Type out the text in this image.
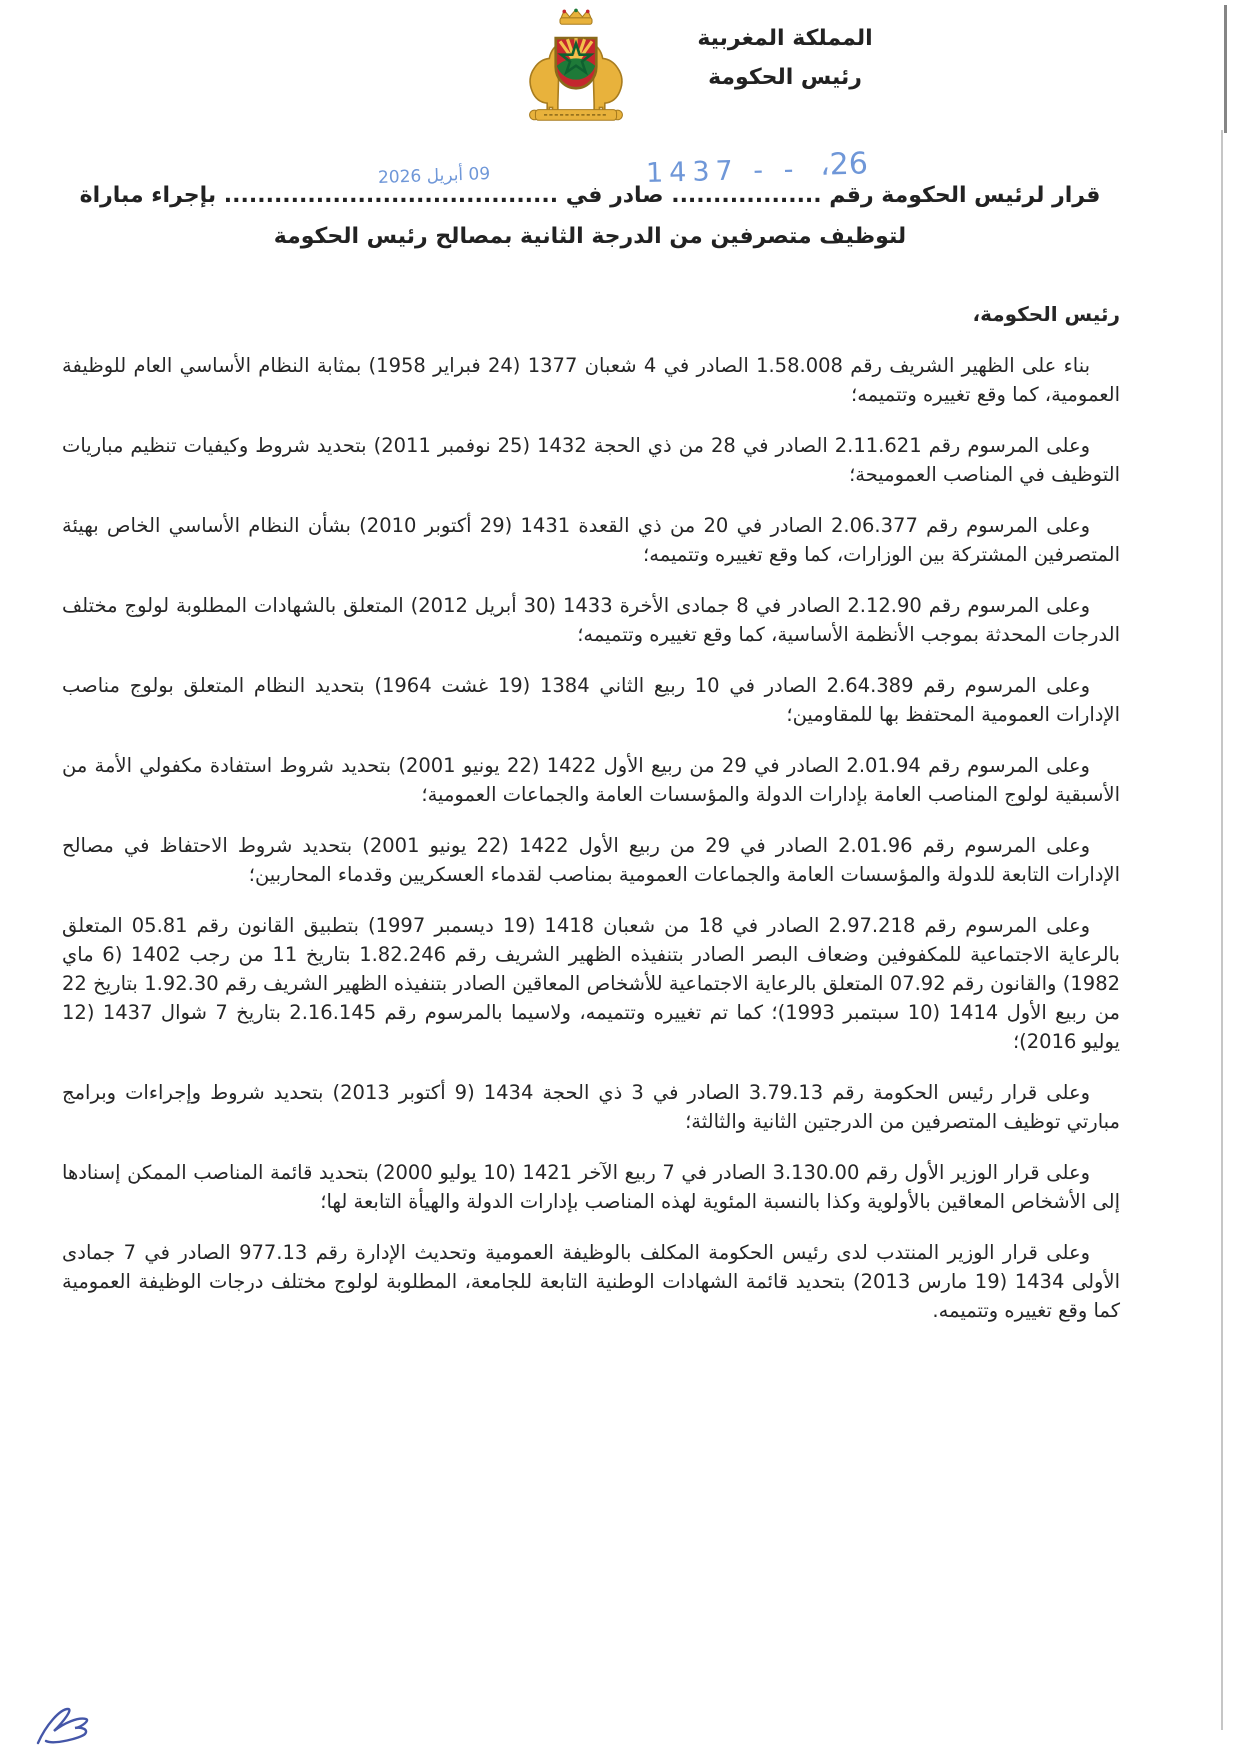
المملكة المغربية
رئيس الحكومة
1437 - - ،26
09 أبريل 2026
قرار لرئيس الحكومة رقم .................. صادر في ........................................ بإجراء مباراة
لتوظيف متصرفين من الدرجة الثانية بمصالح رئيس الحكومة

رئيس الحكومة،

بناء على الظهير الشريف رقم 1.58.008 الصادر في 4 شعبان 1377 (24 فبراير 1958) بمثابة النظام الأساسي العام للوظيفة العمومية، كما وقع تغييره وتتميمه؛

وعلى المرسوم رقم 2.11.621 الصادر في 28 من ذي الحجة 1432 (25 نوفمبر 2011) بتحديد شروط وكيفيات تنظيم مباريات التوظيف في المناصب العموميحة؛

وعلى المرسوم رقم 2.06.377 الصادر في 20 من ذي القعدة 1431 (29 أكتوبر 2010) بشأن النظام الأساسي الخاص بهيئة المتصرفين المشتركة بين الوزارات، كما وقع تغييره وتتميمه؛

وعلى المرسوم رقم 2.12.90 الصادر في 8 جمادى الأخرة 1433 (30 أبريل 2012) المتعلق بالشهادات المطلوبة لولوج مختلف الدرجات المحدثة بموجب الأنظمة الأساسية، كما وقع تغييره وتتميمه؛

وعلى المرسوم رقم 2.64.389 الصادر في 10 ربيع الثاني 1384 (19 غشت 1964) بتحديد النظام المتعلق بولوج مناصب الإدارات العمومية المحتفظ بها للمقاومين؛

وعلى المرسوم رقم 2.01.94 الصادر في 29 من ربيع الأول 1422 (22 يونيو 2001) بتحديد شروط استفادة مكفولي الأمة من الأسبقية لولوج المناصب العامة بإدارات الدولة والمؤسسات العامة والجماعات العمومية؛

وعلى المرسوم رقم 2.01.96 الصادر في 29 من ربيع الأول 1422 (22 يونيو 2001) بتحديد شروط الاحتفاظ في مصالح الإدارات التابعة للدولة والمؤسسات العامة والجماعات العمومية بمناصب لقدماء العسكريين وقدماء المحاربين؛

وعلى المرسوم رقم 2.97.218 الصادر في 18 من شعبان 1418 (19 ديسمبر 1997) بتطبيق القانون رقم 05.81 المتعلق بالرعاية الاجتماعية للمكفوفين وضعاف البصر الصادر بتنفيذه الظهير الشريف رقم 1.82.246 بتاريخ 11 من رجب 1402 (6 ماي 1982) والقانون رقم 07.92 المتعلق بالرعاية الاجتماعية للأشخاص المعاقين الصادر بتنفيذه الظهير الشريف رقم 1.92.30 بتاريخ 22 من ربيع الأول 1414 (10 سبتمبر 1993)؛ كما تم تغييره وتتميمه، ولاسيما بالمرسوم رقم 2.16.145 بتاريخ 7 شوال 1437 (12 يوليو 2016)؛

وعلى قرار رئيس الحكومة رقم 3.79.13 الصادر في 3 ذي الحجة 1434 (9 أكتوبر 2013) بتحديد شروط وإجراءات وبرامج مبارتي توظيف المتصرفين من الدرجتين الثانية والثالثة؛

وعلى قرار الوزير الأول رقم 3.130.00 الصادر في 7 ربيع الآخر 1421 (10 يوليو 2000) بتحديد قائمة المناصب الممكن إسنادها إلى الأشخاص المعاقين بالأولوية وكذا بالنسبة المئوية لهذه المناصب بإدارات الدولة والهيأة التابعة لها؛

وعلى قرار الوزير المنتدب لدى رئيس الحكومة المكلف بالوظيفة العمومية وتحديث الإدارة رقم 977.13 الصادر في 7 جمادى الأولى 1434 (19 مارس 2013) بتحديد قائمة الشهادات الوطنية التابعة للجامعة، المطلوبة لولوج مختلف درجات الوظيفة العمومية كما وقع تغييره وتتميمه.
